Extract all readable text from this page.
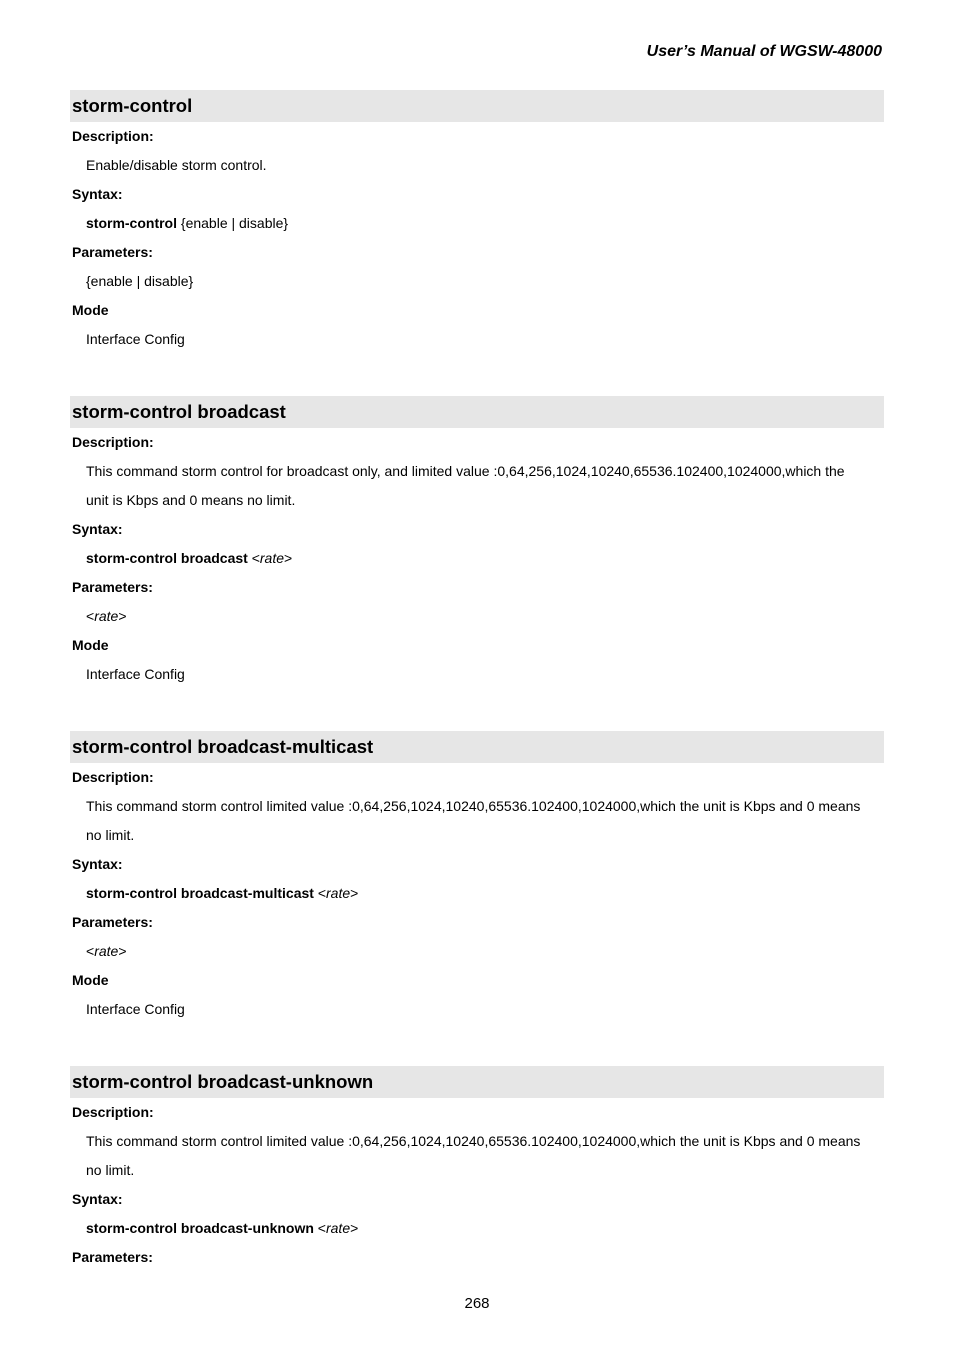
User’s Manual of WGSW-48000
storm-control
Description:
Enable/disable storm control.
Syntax:
storm-control {enable | disable}
Parameters:
{enable | disable}
Mode
Interface Config
storm-control broadcast
Description:
This command storm control for broadcast only, and limited value :0,64,256,1024,10240,65536.102400,1024000,which the
unit is Kbps and 0 means no limit.
Syntax:
storm-control broadcast <rate>
Parameters:
<rate>
Mode
Interface Config
storm-control broadcast-multicast
Description:
This command storm control limited value :0,64,256,1024,10240,65536.102400,1024000,which the unit is Kbps and 0 means
no limit.
Syntax:
storm-control broadcast-multicast <rate>
Parameters:
<rate>
Mode
Interface Config
storm-control broadcast-unknown
Description:
This command storm control limited value :0,64,256,1024,10240,65536.102400,1024000,which the unit is Kbps and 0 means
no limit.
Syntax:
storm-control broadcast-unknown <rate>
Parameters:
268
